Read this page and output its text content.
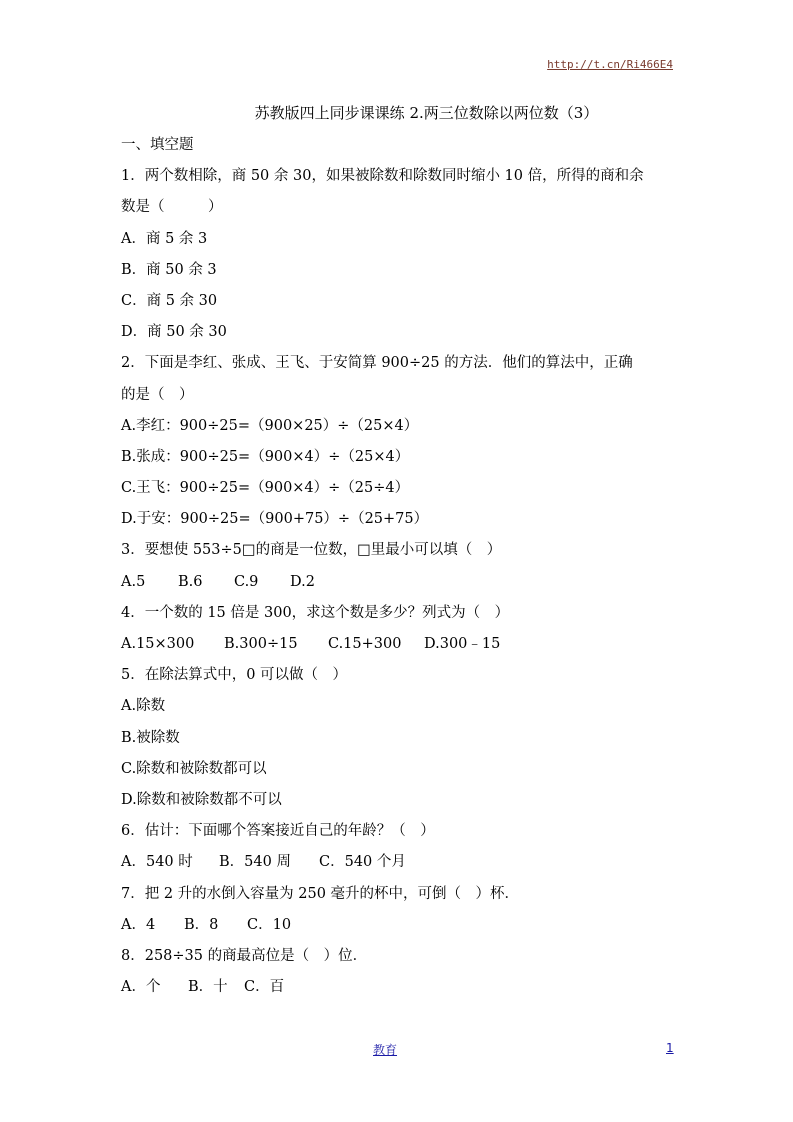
http://t.cn/Ri466E4
苏教版四上同步课课练 2.两三位数除以两位数（3）
一、填空题
1．两个数相除，商 50 余 30，如果被除数和除数同时缩小 10 倍，所得的商和余
数是（　　　）
A．商 5 余 3
B．商 50 余 3
C．商 5 余 30
D．商 50 余 30
2．下面是李红、张成、王飞、于安简算 900÷25 的方法．他们的算法中，正确
的是（　）
A.李红：900÷25=（900×25）÷（25×4）
B.张成：900÷25=（900×4）÷（25×4）
C.王飞：900÷25=（900×4）÷（25÷4）
D.于安：900÷25=（900+75）÷（25+75）
3．要想使 553÷5□的商是一位数，□里最小可以填（　）
A.5 B.6 C.9 D.2
4．一个数的 15 倍是 300，求这个数是多少？列式为（　）
A.15×300 B.300÷15 C.15+300 D.300﹣15
5．在除法算式中，0 可以做（　）
A.除数
B.被除数
C.除数和被除数都可以
D.除数和被除数都不可以
6．估计：下面哪个答案接近自己的年龄？（　）
A．540 时 B．540 周 C．540 个月
7．把 2 升的水倒入容量为 250 毫升的杯中，可倒（　）杯．
A．4 B．8 C．10
8．258÷35 的商最高位是（　）位．
A．个 B．十 C．百
教育	1
